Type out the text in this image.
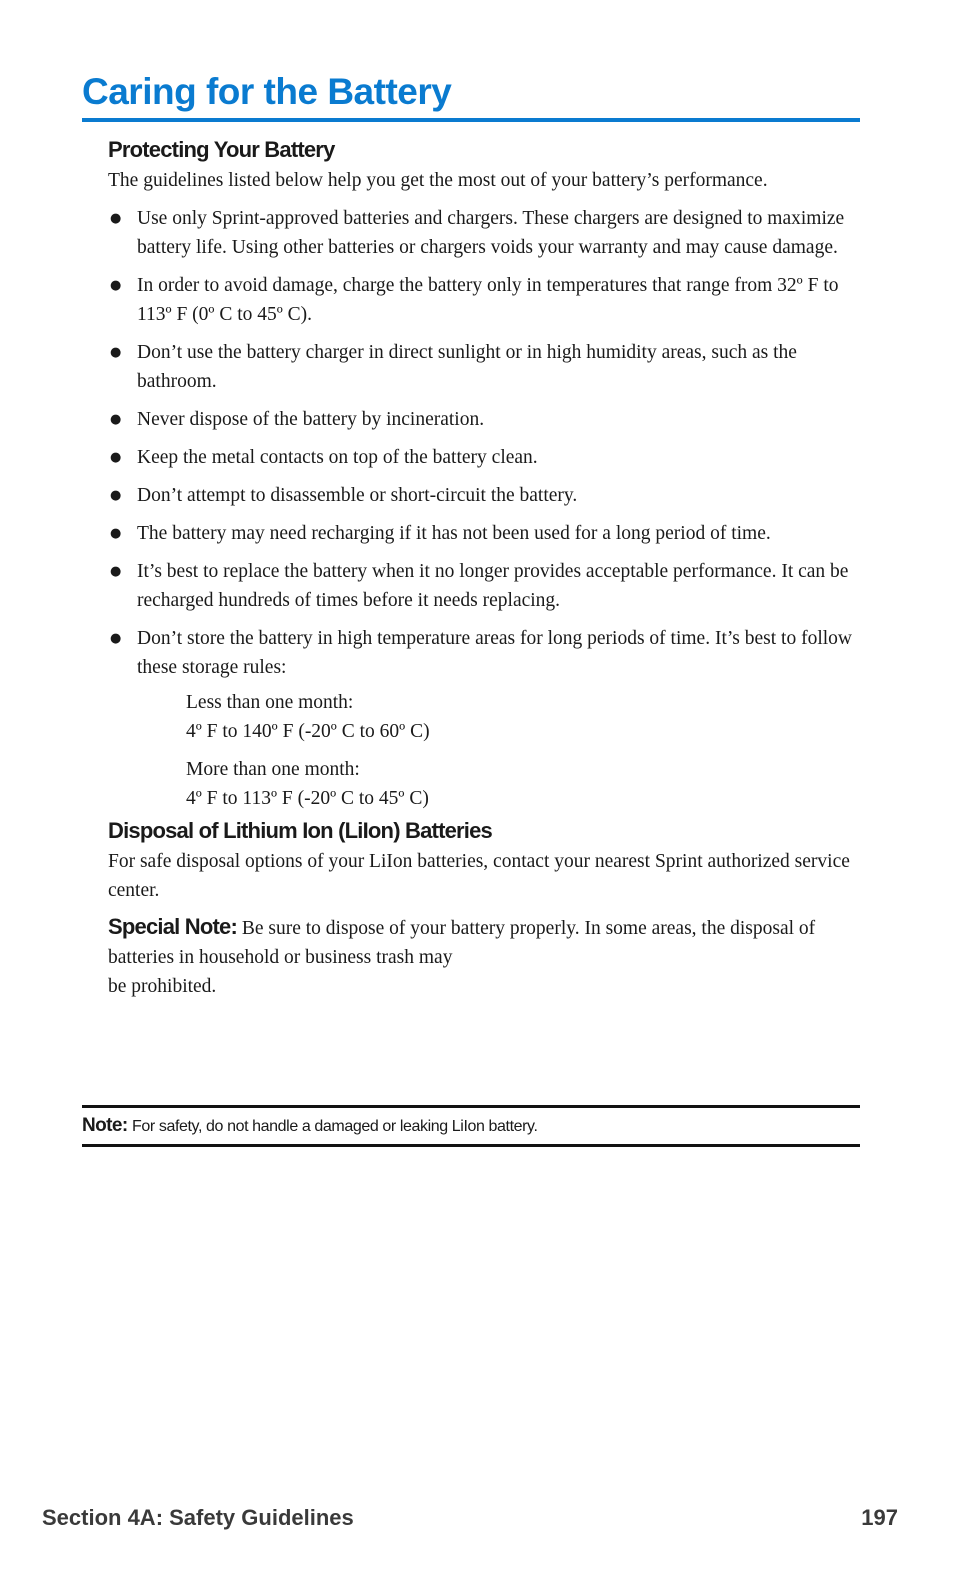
Caring for the Battery
Protecting Your Battery

The guidelines listed below help you get the most out of your battery’s performance.

● Use only Sprint-approved batteries and chargers. These chargers are designed to maximize battery life. Using other batteries or chargers voids your warranty and may cause damage.
● In order to avoid damage, charge the battery only in temperatures that range from 32º F to 113º F (0º C to 45º C).
● Don’t use the battery charger in direct sunlight or in high humidity areas, such as the bathroom.
● Never dispose of the battery by incineration.
● Keep the metal contacts on top of the battery clean.
● Don’t attempt to disassemble or short-circuit the battery.
● The battery may need recharging if it has not been used for a long period of time.
● It’s best to replace the battery when it no longer provides acceptable performance. It can be recharged hundreds of times before it needs replacing.
● Don’t store the battery in high temperature areas for long periods of time. It’s best to follow these storage rules:
Less than one month:
4º F to 140º F (-20º C to 60º C)
More than one month:
4º F to 113º F (-20º C to 45º C)
Disposal of Lithium Ion (LiIon) Batteries

For safe disposal options of your LiIon batteries, contact your nearest Sprint authorized service center.

Special Note: Be sure to dispose of your battery properly. In some areas, the disposal of batteries in household or business trash may
be prohibited.

Note: For safety, do not handle a damaged or leaking LiIon battery.
Section 4A: Safety Guidelines	197
